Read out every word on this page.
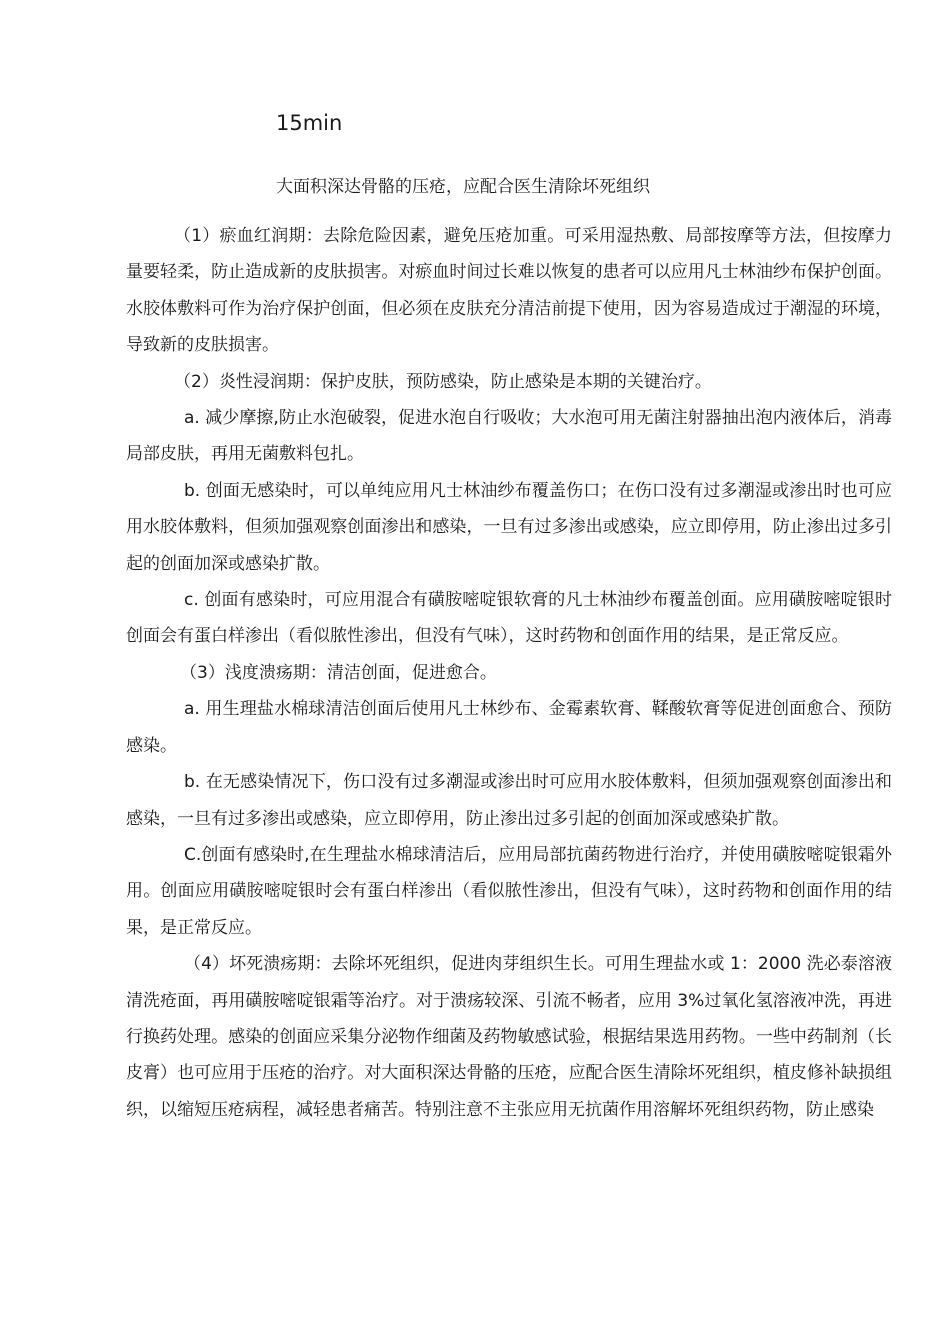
15min
大面积深达骨骼的压疮，应配合医生清除坏死组织

（1）瘀血红润期：去除危险因素，避免压疮加重。可采用湿热敷、局部按摩等方法，但按摩力量要轻柔，防止造成新的皮肤损害。对瘀血时间过长难以恢复的患者可以应用凡士林油纱布保护创面。水胶体敷料可作为治疗保护创面，但必须在皮肤充分清洁前提下使用，因为容易造成过于潮湿的环境，导致新的皮肤损害。

（2）炎性浸润期：保护皮肤，预防感染，防止感染是本期的关键治疗。

a. 减少摩擦,防止水泡破裂，促进水泡自行吸收；大水泡可用无菌注射器抽出泡内液体后，消毒局部皮肤，再用无菌敷料包扎。

b. 创面无感染时，可以单纯应用凡士林油纱布覆盖伤口；在伤口没有过多潮湿或渗出时也可应用水胶体敷料，但须加强观察创面渗出和感染，一旦有过多渗出或感染，应立即停用，防止渗出过多引起的创面加深或感染扩散。

c. 创面有感染时，可应用混合有磺胺嘧啶银软膏的凡士林油纱布覆盖创面。应用磺胺嘧啶银时创面会有蛋白样渗出（看似脓性渗出，但没有气味），这时药物和创面作用的结果，是正常反应。

（3）浅度溃疡期：清洁创面，促进愈合。

a. 用生理盐水棉球清洁创面后使用凡士林纱布、金霉素软膏、鞣酸软膏等促进创面愈合、预防感染。

b. 在无感染情况下，伤口没有过多潮湿或渗出时可应用水胶体敷料，但须加强观察创面渗出和感染，一旦有过多渗出或感染，应立即停用，防止渗出过多引起的创面加深或感染扩散。

C.创面有感染时,在生理盐水棉球清洁后，应用局部抗菌药物进行治疗，并使用磺胺嘧啶银霜外用。创面应用磺胺嘧啶银时会有蛋白样渗出（看似脓性渗出，但没有气味），这时药物和创面作用的结果，是正常反应。

（4）坏死溃疡期：去除坏死组织，促进肉芽组织生长。可用生理盐水或 1：2000 洗必泰溶液清洗疮面，再用磺胺嘧啶银霜等治疗。对于溃疡较深、引流不畅者，应用 3%过氧化氢溶液冲洗，再进行换药处理。感染的创面应采集分泌物作细菌及药物敏感试验，根据结果选用药物。一些中药制剂（长皮膏）也可应用于压疮的治疗。对大面积深达骨骼的压疮，应配合医生清除坏死组织，植皮修补缺损组织，以缩短压疮病程，减轻患者痛苦。特别注意不主张应用无抗菌作用溶解坏死组织药物，防止感染
